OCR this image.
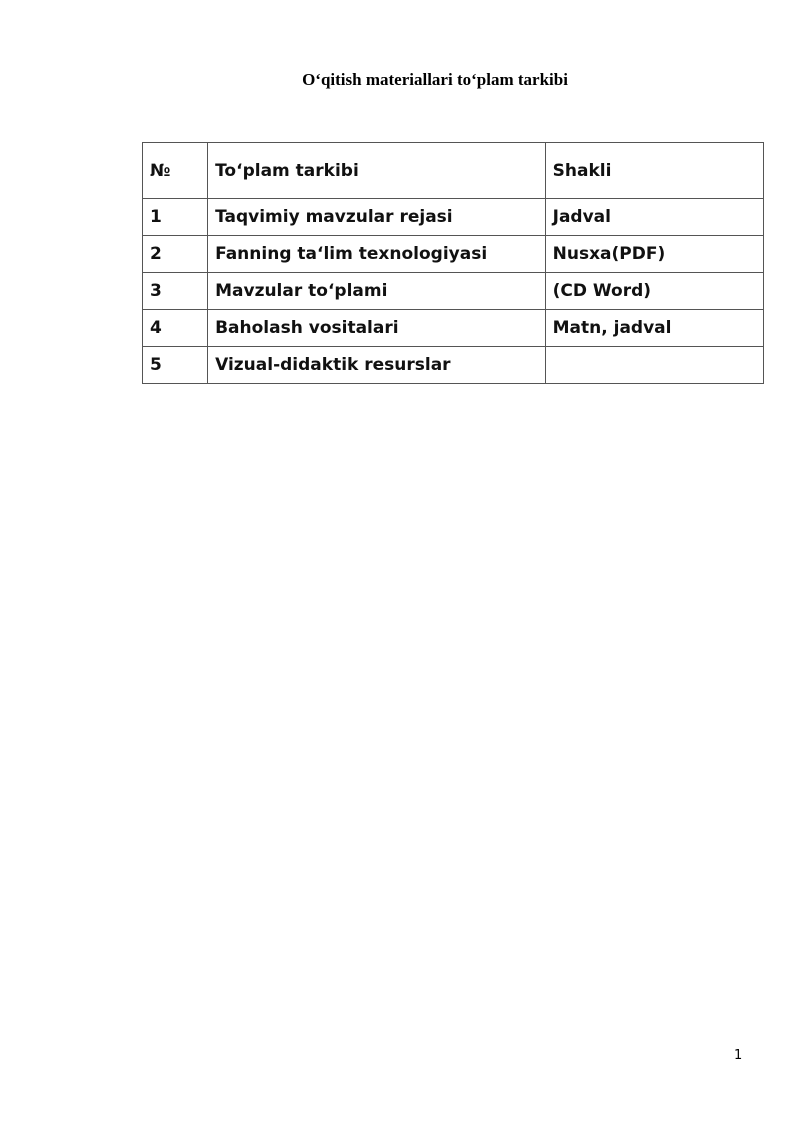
O‘qitish materiallari to‘plam tarkibi
№	To‘plam tarkibi	Shakli
1	Taqvimiy mavzular rejasi	Jadval
2	Fanning ta‘lim texnologiyasi	Nusxa(PDF)
3	Mavzular to‘plami	(CD Word)
4	Baholash vositalari	Matn, jadval
5	Vizual-didaktik resurslar	
1
